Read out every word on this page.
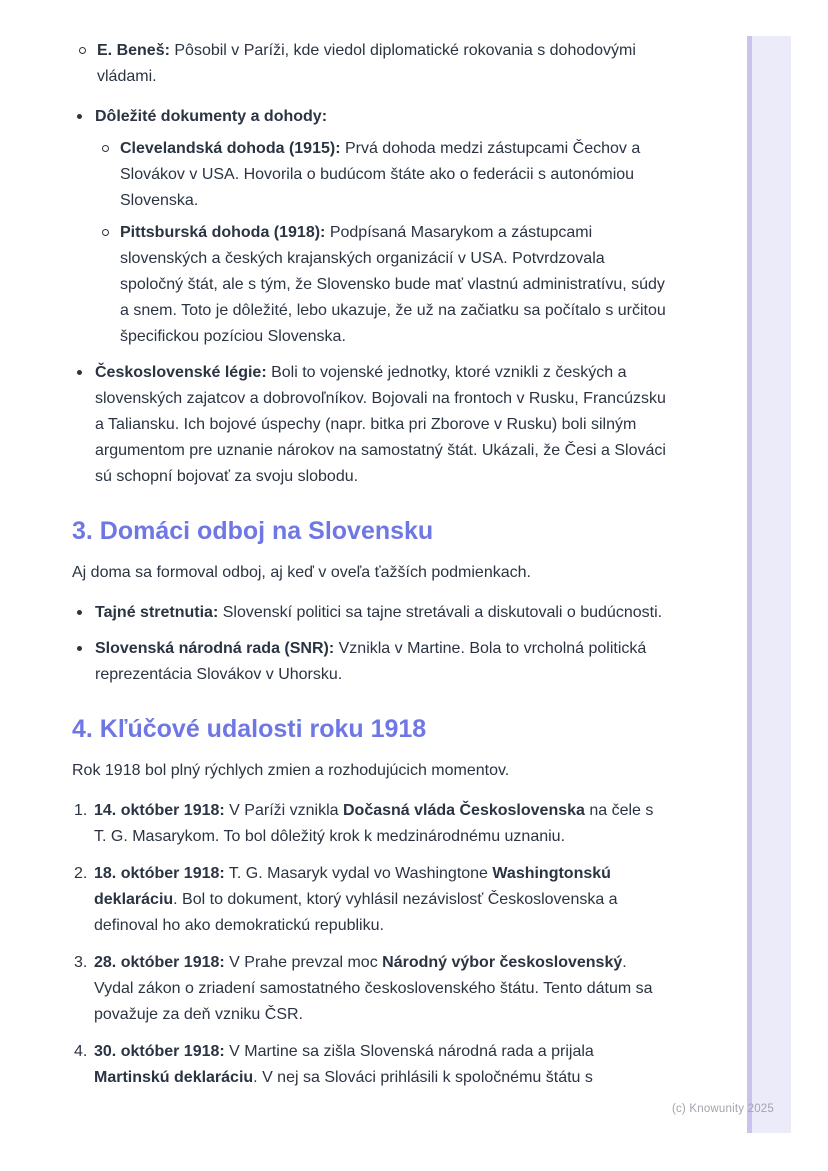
E. Beneš: Pôsobil v Paríži, kde viedol diplomatické rokovania s dohodovými vládami.
Dôležité dokumenty a dohody:
Clevelandská dohoda (1915): Prvá dohoda medzi zástupcami Čechov a Slovákov v USA. Hovorila o budúcom štáte ako o federácii s autonómiou Slovenska.
Pittsburská dohoda (1918): Podpísaná Masarykom a zástupcami slovenských a českých krajanských organizácií v USA. Potvrdzovala spoločný štát, ale s tým, že Slovensko bude mať vlastnú administratívu, súdy a snem. Toto je dôležité, lebo ukazuje, že už na začiatku sa počítalo s určitou špecifickou pozíciou Slovenska.
Československé légie: Boli to vojenské jednotky, ktoré vznikli z českých a slovenských zajatcov a dobrovoľníkov. Bojovali na frontoch v Rusku, Francúzsku a Taliansku. Ich bojové úspechy (napr. bitka pri Zborove v Rusku) boli silným argumentom pre uznanie nárokov na samostatný štát. Ukázali, že Česi a Slováci sú schopní bojovať za svoju slobodu.
3. Domáci odboj na Slovensku

Aj doma sa formoval odboj, aj keď v oveľa ťažších podmienkach.

Tajné stretnutia: Slovenskí politici sa tajne stretávali a diskutovali o budúcnosti.
Slovenská národná rada (SNR): Vznikla v Martine. Bola to vrcholná politická reprezentácia Slovákov v Uhorsku.
4. Kľúčové udalosti roku 1918

Rok 1918 bol plný rýchlych zmien a rozhodujúcich momentov.

1. 14. október 1918: V Paríži vznikla Dočasná vláda Československa na čele s T. G. Masarykom. To bol dôležitý krok k medzinárodnému uznaniu.
2. 18. október 1918: T. G. Masaryk vydal vo Washingtone Washingtonskú deklaráciu. Bol to dokument, ktorý vyhlásil nezávislosť Československa a definoval ho ako demokratickú republiku.
3. 28. október 1918: V Prahe prevzal moc Národný výbor československý. Vydal zákon o zriadení samostatného československého štátu. Tento dátum sa považuje za deň vzniku ČSR.
4. 30. október 1918: V Martine sa zišla Slovenská národná rada a prijala Martinskú deklaráciu. V nej sa Slováci prihlásili k spoločnému štátu s
(c) Knowunity 2025
